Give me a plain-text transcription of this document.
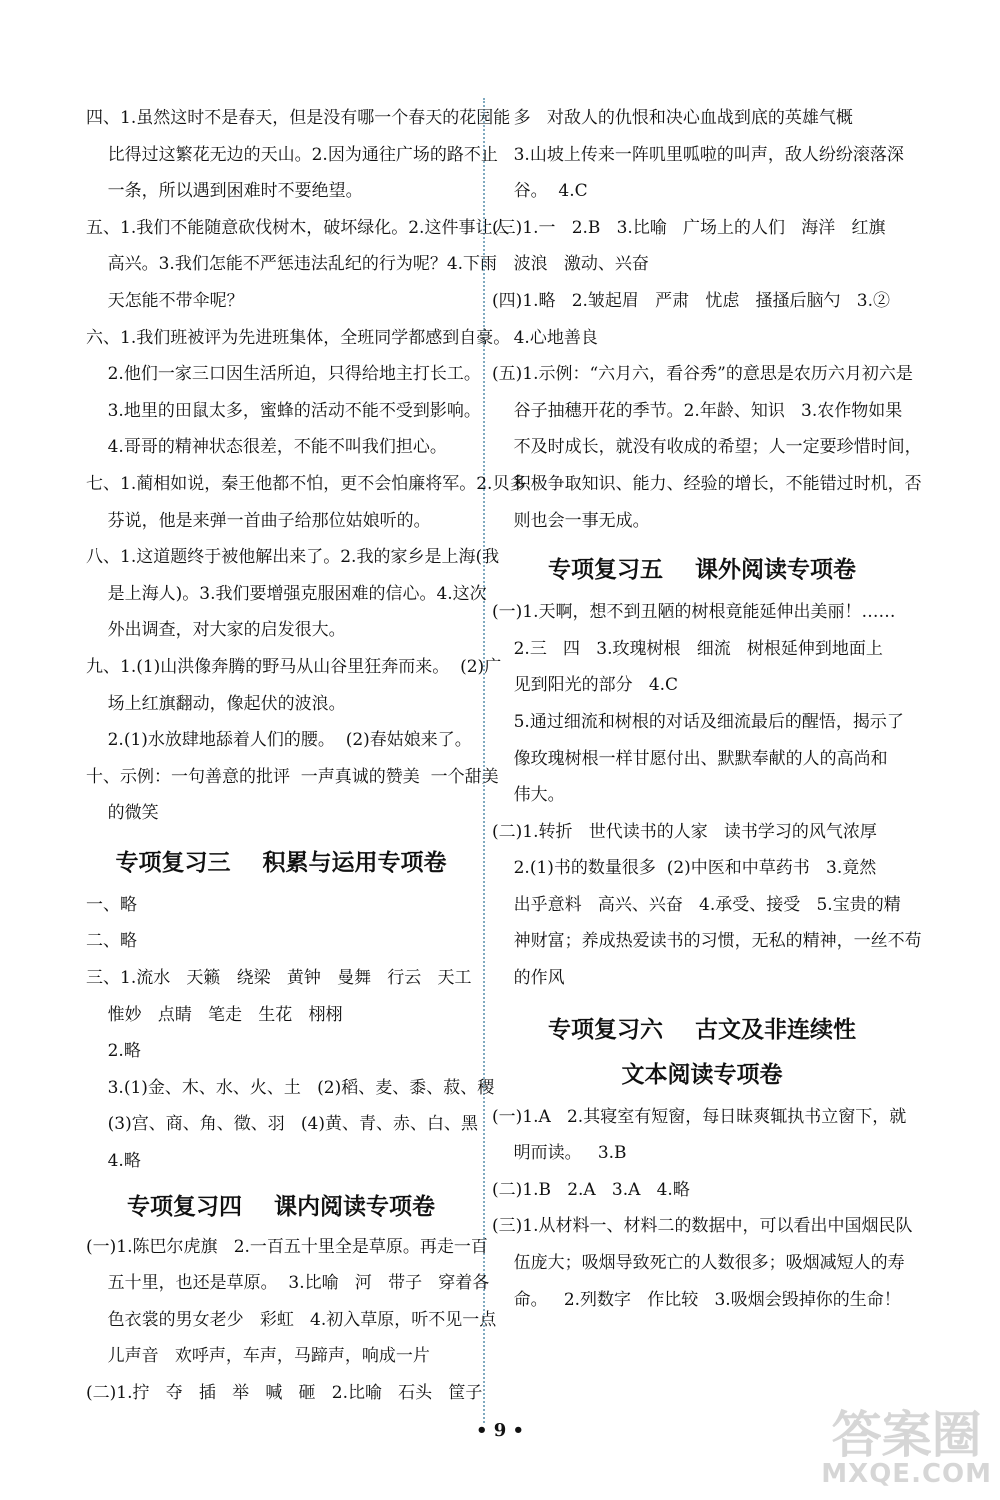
四、1.虽然这时不是春天，但是没有哪一个春天的花园能

比得过这繁花无边的天山。2.因为通往广场的路不止

一条，所以遇到困难时不要绝望。

五、1.我们不能随意砍伐树木，破坏绿化。2.这件事让人

高兴。3.我们怎能不严惩违法乱纪的行为呢？4.下雨

天怎能不带伞呢？

六、1.我们班被评为先进班集体，全班同学都感到自豪。

2.他们一家三口因生活所迫，只得给地主打长工。

3.地里的田鼠太多，蜜蜂的活动不能不受到影响。

4.哥哥的精神状态很差，不能不叫我们担心。

七、1.蔺相如说，秦王他都不怕，更不会怕廉将军。2.贝多

芬说，他是来弹一首曲子给那位姑娘听的。

八、1.这道题终于被他解出来了。2.我的家乡是上海(我

是上海人)。3.我们要增强克服困难的信心。4.这次

外出调查，对大家的启发很大。

九、1.(1)山洪像奔腾的野马从山谷里狂奔而来。  (2)广

场上红旗翻动，像起伏的波浪。

2.(1)水放肆地舔着人们的腰。  (2)春姑娘来了。

十、示例：一句善意的批评  一声真诚的赞美  一个甜美

的微笑

专项复习三    积累与运用专项卷

一、略

二、略

三、1.流水   天籁   绕梁   黄钟   曼舞   行云   天工

惟妙   点睛   笔走   生花   栩栩

2.略

3.(1)金、木、水、火、土   (2)稻、麦、黍、菽、稷

(3)宫、商、角、徵、羽   (4)黄、青、赤、白、黑

4.略

专项复习四    课内阅读专项卷

(一)1.陈巴尔虎旗   2.一百五十里全是草原。再走一百

五十里，也还是草原。  3.比喻   河   带子   穿着各

色衣裳的男女老少   彩虹   4.初入草原，听不见一点

儿声音   欢呼声，车声，马蹄声，响成一片

(二)1.拧   夺   插   举   喊   砸   2.比喻   石头   筐子

多   对敌人的仇恨和决心血战到底的英雄气概

3.山坡上传来一阵叽里呱啦的叫声，敌人纷纷滚落深

谷。  4.C

(三)1.一   2.B   3.比喻   广场上的人们   海洋   红旗

波浪   激动、兴奋

(四)1.略   2.皱起眉   严肃   忧虑   搔搔后脑勺   3.②

4.心地善良

(五)1.示例：“六月六，看谷秀”的意思是农历六月初六是

谷子抽穗开花的季节。2.年龄、知识   3.农作物如果

不及时成长，就没有收成的希望；人一定要珍惜时间，

积极争取知识、能力、经验的增长，不能错过时机，否

则也会一事无成。

专项复习五    课外阅读专项卷

(一)1.天啊，想不到丑陋的树根竟能延伸出美丽！……

2.三   四   3.玫瑰树根   细流   树根延伸到地面上

见到阳光的部分   4.C

5.通过细流和树根的对话及细流最后的醒悟，揭示了

像玫瑰树根一样甘愿付出、默默奉献的人的高尚和

伟大。

(二)1.转折   世代读书的人家   读书学习的风气浓厚

2.(1)书的数量很多  (2)中医和中草药书   3.竟然

出乎意料   高兴、兴奋   4.承受、接受   5.宝贵的精

神财富；养成热爱读书的习惯，无私的精神，一丝不苟

的作风

专项复习六    古文及非连续性
文本阅读专项卷

(一)1.A   2.其寝室有短窗，每日昧爽辄执书立窗下，就

明而读。   3.B

(二)1.B   2.A   3.A   4.略

(三)1.从材料一、材料二的数据中，可以看出中国烟民队

伍庞大；吸烟导致死亡的人数很多；吸烟减短人的寿

命。   2.列数字   作比较   3.吸烟会毁掉你的生命！

• 9 •	答案圈
MXQE.COM
